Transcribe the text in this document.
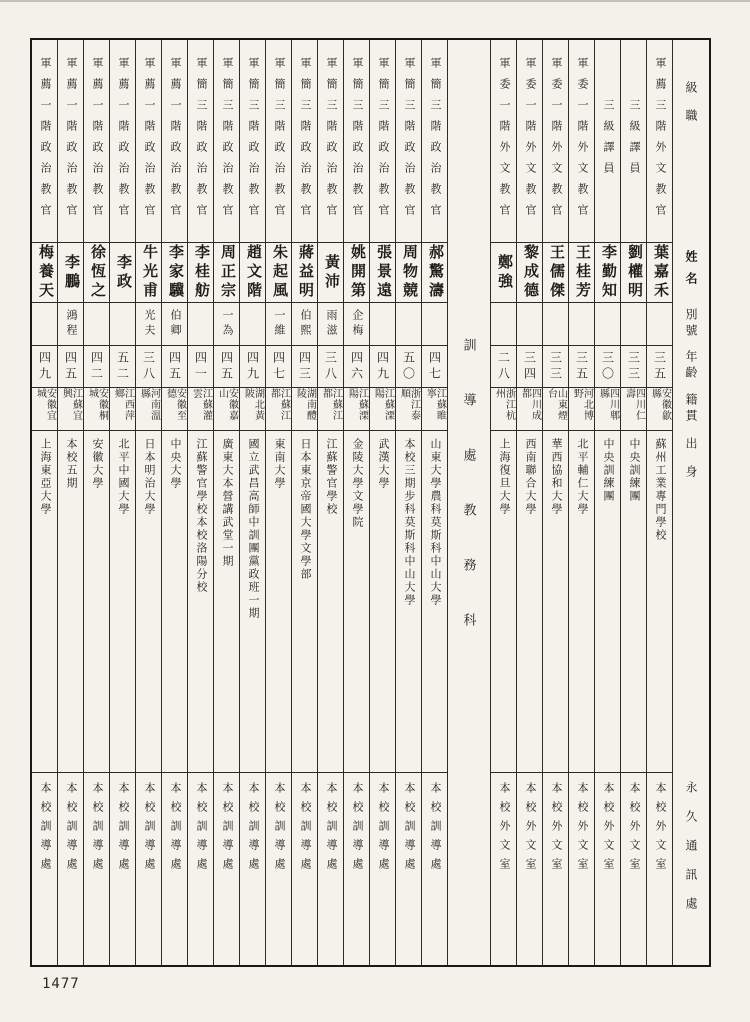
軍薦一階政治教官
梅養天
四九
安徽宜城
上海東亞大學
本校訓導處
軍薦一階政治教官
李鵬
鴻程
四五
江蘇宜興
本校五期
本校訓導處
軍薦一階政治教官
徐恆之
四二
安徽桐城
安徽大學
本校訓導處
軍薦一階政治教官
李政
五二
江西萍鄉
北平中國大學
本校訓導處
軍薦一階政治教官
牛光甫
光夫
三八
河南溫縣
日本明治大學
本校訓導處
軍薦一階政治教官
李家驥
伯卿
四五
安徽至德
中央大學
本校訓導處
軍簡三階政治教官
李桂舫
四一
江蘇灌雲
江蘇警官學校本校洛陽分校
本校訓導處
軍簡三階政治教官
周正宗
一為
四五
安徽嘉山
廣東大本營講武堂一期
本校訓導處
軍簡三階政治教官
趙文階
四九
湖北黃陂
國立武昌高師中訓團黨政班一期
本校訓導處
軍簡三階政治教官
朱起風
一維
四七
江蘇江都
東南大學
本校訓導處
軍簡三階政治教官
蔣益明
伯熙
四三
湖南醴陵
日本東京帝國大學文學部
本校訓導處
軍簡三階政治教官
黃沛
雨滋
三八
江蘇江都
江蘇警官學校
本校訓導處
軍簡三階政治教官
姚開第
企梅
四六
江蘇溧陽
金陵大學文學院
本校訓導處
軍簡三階政治教官
張景遠
四九
江蘇溧陽
武漢大學
本校訓導處
軍簡三階政治教官
周物競
五〇
浙江泰順
本校三期步科莫斯科中山大學
本校訓導處
軍簡三階政治教官
郝驚濤
四七
江蘇睢寧
山東大學農科莫斯科中山大學
本校訓導處
訓導處教務科
軍委一階外文教官
鄭強
二八
浙江杭州
上海復旦大學
本校外文室
軍委一階外文教官
黎成德
三四
四川成都
西南聯合大學
本校外文室
軍委一階外文教官
王儒傑
三三
山東煙台
華西協和大學
本校外文室
軍委一階外文教官
王桂芳
三五
河北博野
北平輔仁大學
本校外文室
三級譯員
李勤知
三〇
四川郫縣
中央訓練團
本校外文室
三級譯員
劉權明
三三
四川仁壽
中央訓練團
本校外文室
軍薦三階外文教官
葉嘉禾
三五
安徽歙縣
蘇州工業專門學校
本校外文室
級職
姓名
別號
年齡
籍貫
出身
永久通訊處
1477
